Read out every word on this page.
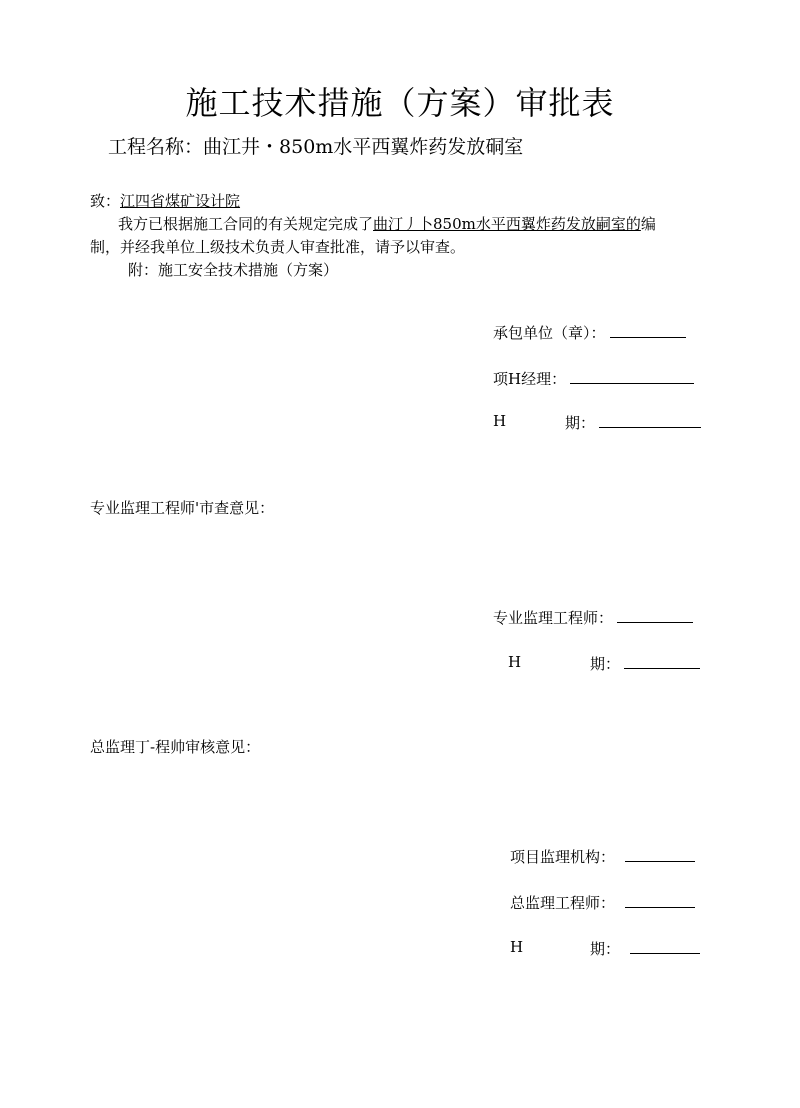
施工技术措施（方案）审批表
工程名称：曲江井・850m水平西翼炸药发放硐室
致：江四省煤矿设计院
我方已根据施工合同的有关规定完成了曲汀丿卜850m水平西翼炸药发放嗣室的编
制，并经我单位丄级技术负责人审查批准，请予以审查。
附：施工安全技术措施（方案）
承包单位（章）：
项H经理：
H	期：
专业监理工程师'市查意见：
专业监理工程师：
H	期：
总监理丁-程帅审核意见：
项目监理机构：
总监理工程师：
H	期：
